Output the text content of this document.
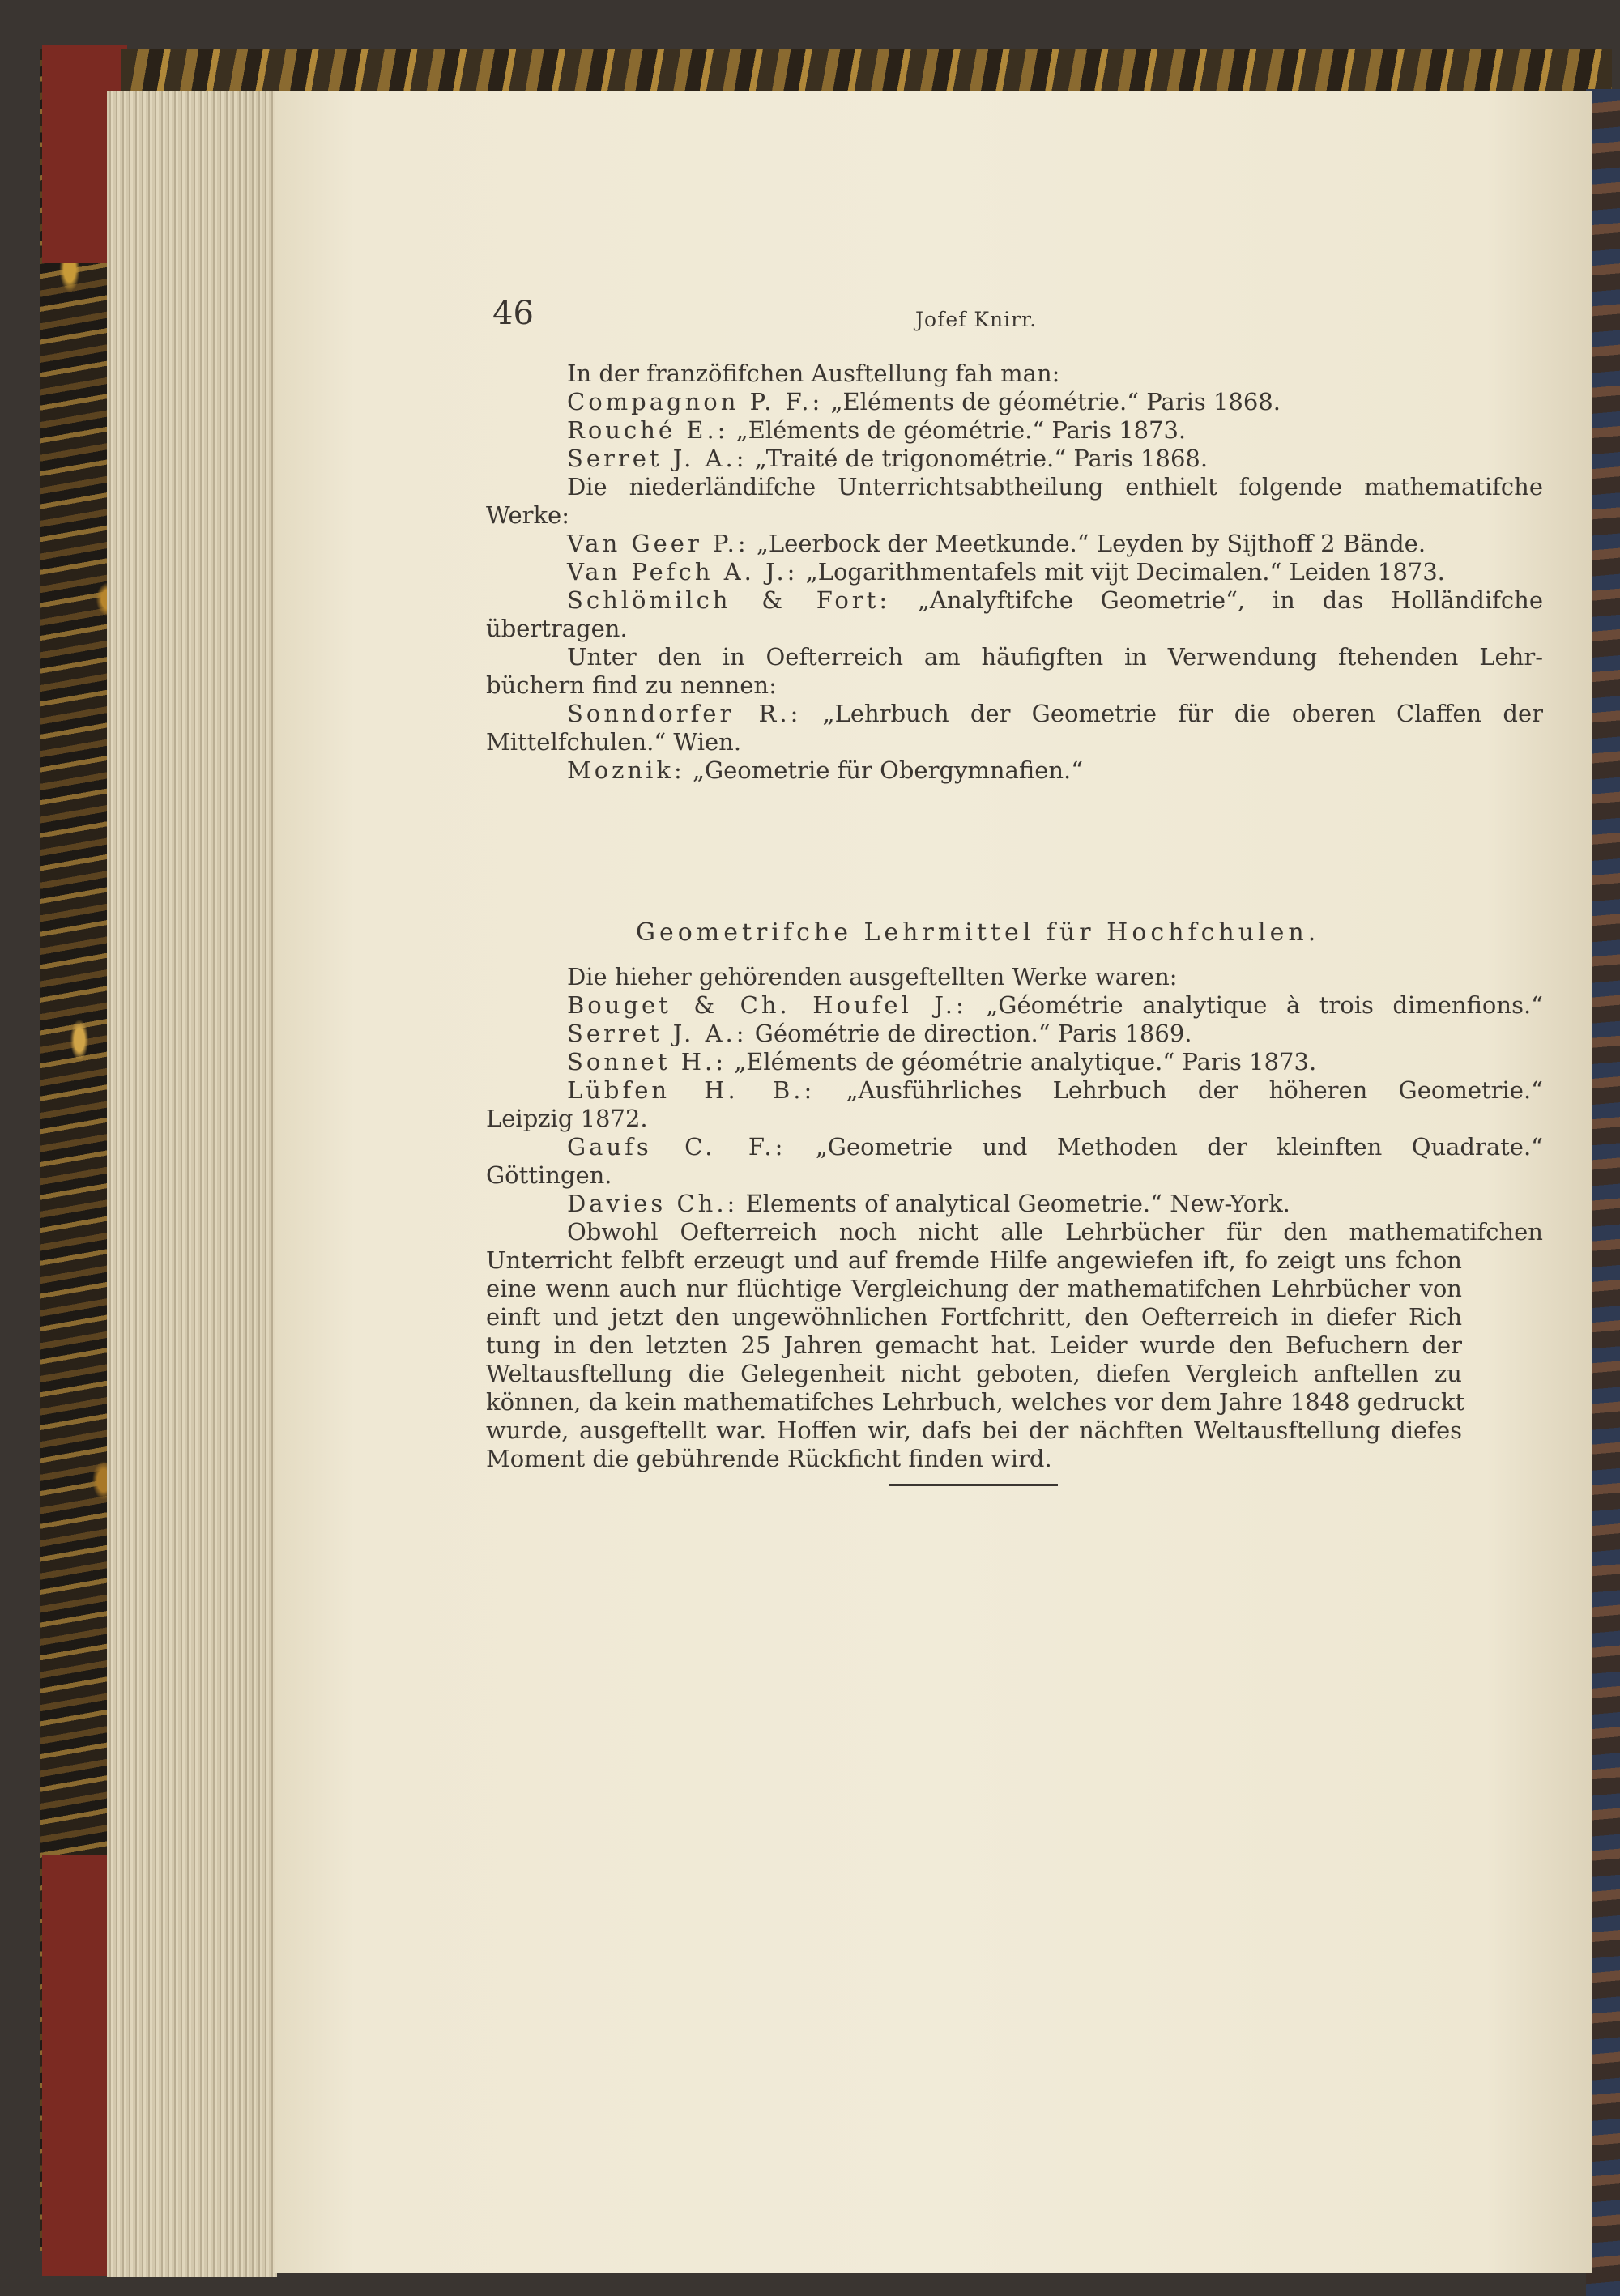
46	Jofef Knirr.
In der franzöfifchen Ausftellung fah man:
Compagnon P. F.: „Eléments de géométrie.“ Paris 1868.
Rouché E.: „Eléments de géométrie.“ Paris 1873.
Serret J. A.: „Traité de trigonométrie.“ Paris 1868.
Die niederländifche Unterrichtsabtheilung enthielt folgende mathematifche
Werke:
Van Geer P.: „Leerbock der Meetkunde.“ Leyden by Sijthoff 2 Bände.
Van Pefch A. J.: „Logarithmentafels mit vijt Decimalen.“ Leiden 1873.
Schlömilch & Fort: „Analyftifche Geometrie“, in das Holländifche
übertragen.
Unter den in Oefterreich am häufigften in Verwendung ftehenden Lehr-
büchern find zu nennen:
Sonndorfer R.: „Lehrbuch der Geometrie für die oberen Claffen der
Mittelfchulen.“ Wien.
Moznik: „Geometrie für Obergymnafien.“
Geometrifche Lehrmittel für Hochfchulen.
Die hieher gehörenden ausgeftellten Werke waren:
Bouget & Ch. Houfel J.: „Géométrie analytique à trois dimenfions.“
Serret J. A.: Géométrie de direction.“ Paris 1869.
Sonnet H.: „Eléments de géométrie analytique.“ Paris 1873.
Lübfen H. B.: „Ausführliches Lehrbuch der höheren Geometrie.“
Leipzig 1872.
Gaufs C. F.: „Geometrie und Methoden der kleinften Quadrate.“
Göttingen.
Davies Ch.: Elements of analytical Geometrie.“ New-York.
Obwohl Oefterreich noch nicht alle Lehrbücher für den mathematifchen
Unterricht felbft erzeugt und auf fremde Hilfe angewiefen ift, fo zeigt uns fchon
eine wenn auch nur flüchtige Vergleichung der mathematifchen Lehrbücher von
einft und jetzt den ungewöhnlichen Fortfchritt, den Oefterreich in diefer Rich
tung in den letzten 25 Jahren gemacht hat. Leider wurde den Befuchern der
Weltausftellung die Gelegenheit nicht geboten, diefen Vergleich anftellen zu
können, da kein mathematifches Lehrbuch, welches vor dem Jahre 1848 gedruckt
wurde, ausgeftellt war. Hoffen wir, dafs bei der nächften Weltausftellung diefes
Moment die gebührende Rückficht finden wird.
